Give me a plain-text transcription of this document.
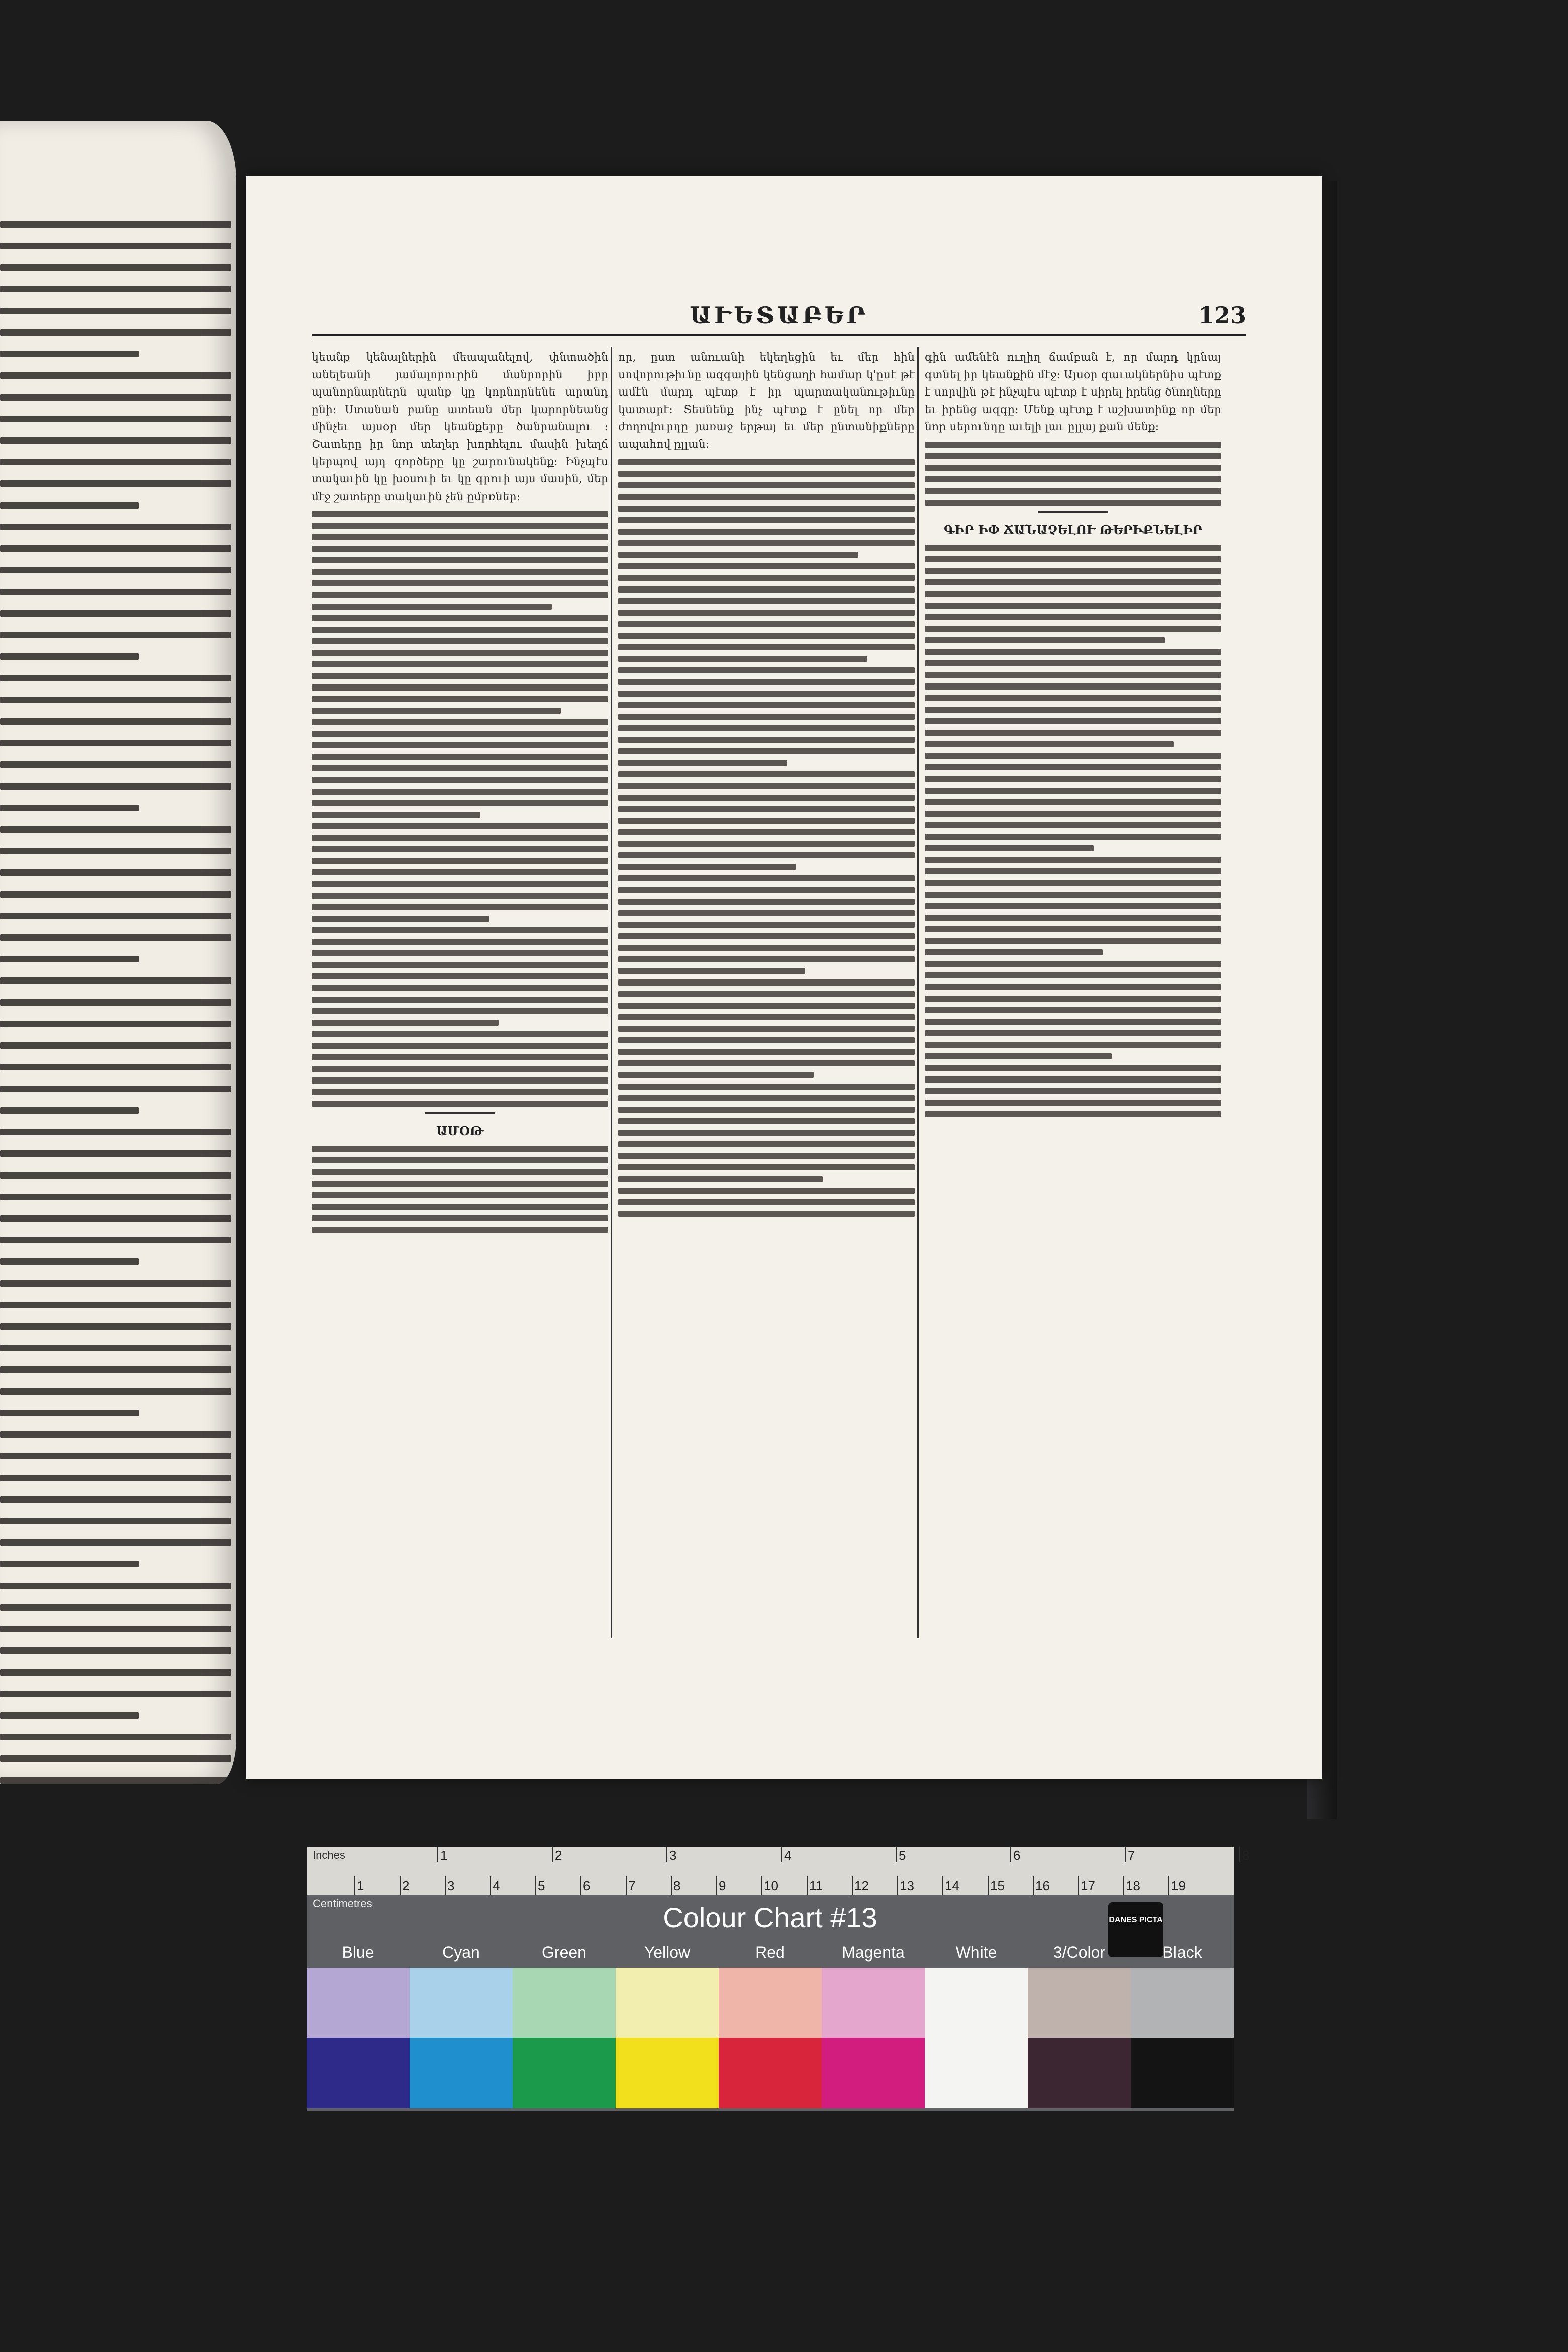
ԱՒԵՏԱԲԵՐ	123
կեանք կենալներին մեապանելով, փնտածին անելեանի յամալորուրին մանրորին իբր պանորնարներն պանք կը կորնորնենե արանդ ընի։ Ստանան բանը ատեան մեր կարորնեանց մինչեւ այսօր մեր կեանքերը ծանրանալու ։ Շատերը իր նոր տեղեր խորհելու մասին խեղճ կերպով այդ գործերը կը շարունակենք։ Ինչպէս տակաւին կը խօսուի եւ կը գրուի այս մասին, մեր մէջ շատերը տակաւին չեն ըմբռներ։
ԱՄՕԹ
որ, ըստ անուանի եկեղեցին եւ մեր հին սովորութիւնը ազգային կենցաղի համար կ'ըսէ թէ ամէն մարդ պէտք է իր պարտականութիւնը կատարէ։ Տեսնենք ինչ պէտք է ընել որ մեր ժողովուրդը յառաջ երթայ եւ մեր ընտանիքները ապահով ըլլան։
գին ամենէն ուղիղ ճամբան է, որ մարդ կրնայ գտնել իր կեանքին մէջ։ Այսօր զաւակներնիս պէտք է սորվին թէ ինչպէս պէտք է սիրել իրենց ծնողները եւ իրենց ազգը։ Մենք պէտք է աշխատինք որ մեր նոր սերունդը աւելի լաւ ըլլայ քան մենք։
ԳԻՐ ԻՓ ՃԱՆԱՉԵԼՈՒ ԹԵՐԻՔՆԵԼԻՐ
Inches
Centimetres
1	2	3	4	5	6	7	8
1	2	3	4	5	6	7	8	9	10 11 12 13 14 15 16 17 18 19
Colour Chart #13	DANES PICTA
Blue	Cyan	Green	Yellow	Red	Magenta	White	3/Color	Black
